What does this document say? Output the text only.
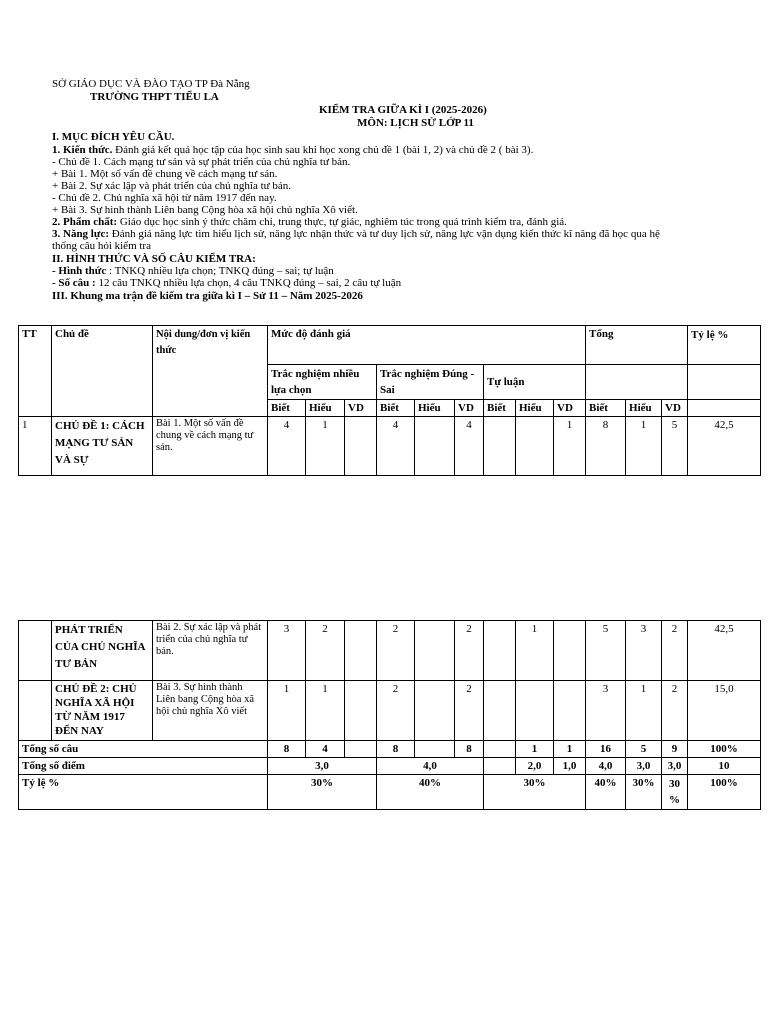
SỞ GIÁO DỤC VÀ ĐÀO TẠO TP Đà Nẵng
TRƯỜNG THPT TIỂU LA
KIỂM TRA GIỮA KÌ I (2025-2026)
MÔN: LỊCH SỬ LỚP 11
I. MỤC ĐÍCH YÊU CẦU.
1. Kiến thức. Đánh giá kết quả học tập của học sinh sau khi học xong chủ đề 1 (bài 1, 2) và chủ đề 2 ( bài 3).
- Chủ đề 1. Cách mạng tư sản và sự phát triển của chủ nghĩa tư bản.
+ Bài 1. Một số vấn đề chung về cách mạng tư sản.
+ Bài 2. Sự xác lập và phát triển của chủ nghĩa tư bản.
- Chủ đề 2. Chủ nghĩa xã hội từ năm 1917 đến nay.
+ Bài 3. Sự hình thành Liên bang Cộng hòa xã hội chủ nghĩa Xô viết.
2. Phẩm chất: Giáo dục học sinh ý thức chăm chỉ, trung thực, tự giác, nghiêm túc trong quá trình kiểm tra, đánh giá.
3. Năng lực: Đánh giá năng lực tìm hiểu lịch sử, năng lực nhận thức và tư duy lịch sử, năng lực vận dụng kiến thức kĩ năng đã học qua hệ
thống câu hỏi kiểm tra
II. HÌNH THỨC VÀ SỐ CÂU KIỂM TRA:
- Hình thức : TNKQ nhiều lựa chọn; TNKQ đúng – sai; tự luận
- Số câu : 12 câu TNKQ nhiều lựa chọn, 4 câu TNKQ đúng – sai, 2 câu tự luận
III. Khung ma trận đề kiểm tra giữa kì I – Sử 11 – Năm 2025-2026
TT	Chủ đề	Nội dung/đơn vị kiến thức	Mức độ đánh giá									Tổng			Tỷ lệ %
			Trắc nghiệm nhiều lựa chọn			Trắc nghiệm Đúng - Sai			Tự luận						
			Biết	Hiểu	VD	Biết	Hiểu	VD	Biết	Hiểu	VD	Biết	Hiểu	VD	
1	CHỦ ĐỀ 1: CÁCH MẠNG TƯ SẢN VÀ SỰ	Bài 1. Một số vấn đề chung về cách mạng tư sản.	4	1		4		4			1	8	1	5	42,5
	PHÁT TRIỂN CỦA CHỦ NGHĨA TƯ BẢN	Bài 2. Sự xác lập và phát triển của chủ nghĩa tư bản.	3	2		2		2		1		5	3	2	42,5
	CHỦ ĐỀ 2: CHỦ NGHĨA XÃ HỘI TỪ NĂM 1917 ĐẾN NAY	Bài 3. Sự hình thành Liên bang Cộng hòa xã hội chủ nghĩa Xô viết	1	1		2		2				3	1	2	15,0
Tổng số câu			8	4		8		8		1	1	16	5	9	100%
Tổng số điểm			3,0			4,0				2,0	1,0	4,0	3,0	3,0	10
Tỷ lệ %			30%			40%			30%			40%	30%	30 %	100%
